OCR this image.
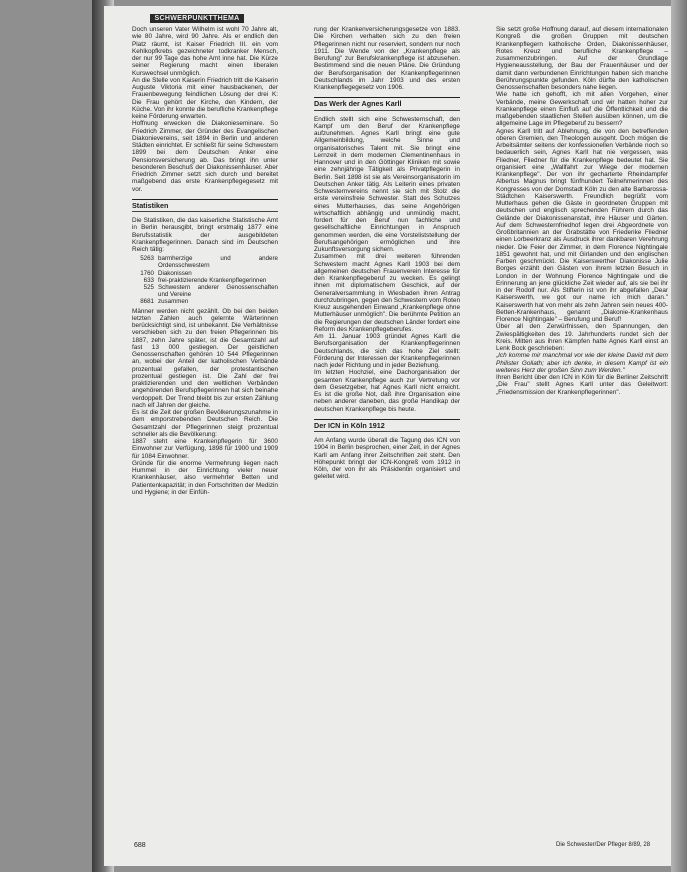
SCHWERPUNKTTHEMA

Doch unseren Vater Wilhelm ist wohl 70 Jahre alt, wie 80 Jahre, wird 90 Jahre. Als er endlich den Platz räumt, ist Kaiser Friedrich III. ein vom Kehlkopfkrebs gezeichneter todkranker Mensch, der nur 99 Tage das hohe Amt inne hat. Die Kürze seiner Regierung macht einen liberalen Kurswechsel unmöglich.

An die Stelle von Kaiserin Friedrich tritt die Kaiserin Auguste Viktoria mit einer hausbackenen, der Frauenbewegung feindlichen Lösung der drei K: Die Frau gehört der Kirche, den Kindern, der Küche. Von ihr konnte die berufliche Krankenpflege keine Förderung erwarten.

Hoffnung erwecken die Diakonieseminare. So Friedrich Zimmer, der Gründer des Evangelischen Diakonievereins, seit 1894 in Berlin und anderen Städten einrichtet. Er schließt für seine Schwestern 1899 bei dem Deutschen Anker eine Pensionsversicherung ab. Das bringt ihn unter besonderen Beschuß der Diakonissenhäuser. Aber Friedrich Zimmer setzt sich durch und bereitet maßgebend das erste Krankenpflegegesetz mit vor.

Statistiken

Die Statistiken, die das kaiserliche Statistische Amt in Berlin herausgibt, bringt erstmalig 1877 eine Berufsstatistik der ausgebildeten Krankenpflegerinnen. Danach sind im Deutschen Reich tätig:

5263 barmherzige und andere Ordensschwestern
1760 Diakonissen
633 frei-praktizierende Krankenpflegerinnen
525 Schwestern anderer Genossenschaften und Vereine
8681 zusammen

Männer werden nicht gezählt. Ob bei den beiden letzten Zahlen auch gelernte Wärterinnen berücksichtigt sind, ist unbekannt. Die Verhältnisse verschieben sich zu den freien Pflegerinnen bis 1887, zehn Jahre später, ist die Gesamtzahl auf fast 13 000 gestiegen. Der geistlichen Genossenschaften gehören 10 544 Pflegerinnen an, wobei der Anteil der katholischen Verbände prozentual gefallen, der protestantischen prozentual gestiegen ist. Die Zahl der frei praktizierenden und den weltlichen Verbänden angehörenden Berufspflegerinnen hat sich beinahe verdoppelt. Der Trend bleibt bis zur ersten Zählung nach elf Jahren der gleiche.

Es ist die Zeit der großen Bevölkerungszunahme in dem emporstrebenden Deutschen Reich. Die Gesamtzahl der Pflegerinnen steigt prozentual schneller als die Bevölkerung:

1887 steht eine Krankenpflegerin für 3600 Einwohner zur Verfügung, 1898 für 1900 und 1909 für 1084 Einwohner.

Gründe für die enorme Vermehrung liegen nach Hummel in der Einrichtung vieler neuer Krankenhäuser, also vermehrter Betten und Patientenkapazität; in den Fortschritten der Medizin und Hygiene; in der Einfüh-

rung der Krankenversicherungsgesetze von 1883. Die Kirchen verhalten sich zu den freien Pflegerinnen nicht nur reserviert, sondern nur noch 1911. Die Wende von der „Krankenpflege als Berufung" zur Berufskrankenpflege ist abzusehen. Bestimmend sind die neuen Pläne. Die Gründung der Berufsorganisation der Krankenpflegerinnen Deutschlands im Jahr 1903 und des ersten Krankenpflegegesetz von 1906.

Das Werk der Agnes Karll

Endlich stellt sich eine Schwesternschaft, den Kampf um den Beruf der Krankenpflege aufzunehmen. Agnes Karll bringt eine gute Allgemeinbildung, welche Sinne und organisatorisches Talent mit. Sie bringt eine Lernzeit in dem modernen Clementinenhaus in Hannover und in den Göttinger Kliniken mit sowie eine zehnjährige Tätigkeit als Privatpflegerin in Berlin. Seit 1898 ist sie als Vereinsorganisatorin im Deutschen Anker tätig. Als Leiterin eines privaten Schwesternvereins nennt sie sich mit Stolz die erste vereinsfreie Schwester. Statt des Schutzes eines Mutterhauses, das seine Angehörigen wirtschaftlich abhängig und unmündig macht, fordert für den Beruf nun fachliche und gesellschaftliche Einrichtungen in Anspruch genommen werden, die eine Vorsteliststellung der Berufsangehörigen ermöglichen und ihre Zukunftsversorgung sichern.

Zusammen mit drei weiteren führenden Schwestern macht Agnes Karll 1903 bei dem allgemeinen deutschen Frauenverein Interesse für den Krankenpflegeberuf zu wecken. Es gelingt ihnen mit diplomatischem Geschick, auf der Generalversammlung in Wiesbaden ihren Antrag durchzubringen, gegen den Schwestern vom Roten Kreuz ausgehenden Einwand „Krankenpflege ohne Mutterhäuser unmöglich". Die berühmte Petition an die Regierungen der deutschen Länder fordert eine Reform des Krankenpflegeberufes.

Am 11. Januar 1903 gründet Agnes Karll die Berufsorganisation der Krankenpflegerinnen Deutschlands, die sich das hohe Ziel stellt: Förderung der Interessen der Krankenpflegerinnen nach jeder Richtung und in jeder Beziehung.

Im letzten Hochziel, eine Dachorganisation der gesamten Krankenpflege auch zur Vertretung vor dem Gesetzgeber, hat Agnes Karll nicht erreicht. Es ist die große Not, daß ihre Organisation eine neben anderer daneben, das große Handikap der deutschen Krankenpflege bis heute.

Der ICN in Köln 1912

Am Anfang wurde überall die Tagung des ICN von 1904 in Berlin besprochen, einer Zeit, in der Agnes Karll am Anfang ihrer Zeitschriften zeit steht. Den Höhepunkt bringt der ICN-Kongreß vom 1912 in Köln, der von ihr als Präsidentin organisiert und geleitet wird.

Sie setzt große Hoffnung darauf, auf diesem internationalen Kongreß die großen Gruppen mit deutschen Krankenpflegern katholische Orden, Diakonissenhäuser, Rotes Kreuz und berufliche Krankenpflege – zusammenzubringen. Auf der Grundlage Hygieneausstellung, der Bau der Frauenhäuser und der damit dann verbundenen Einrichtungen haben sich manche Berührungspunkte gefunden. Köln dürfte den katholischen Genossenschaften besonders nahe liegen.

Wie hatte ich gehofft, ich mit allen Vorgehen, einer Verbände, meine Gewerkschaft und wir hatten hoher zur Krankenpflege einen Einfluß auf die Öffentlichkeit und die maßgebenden staatlichen Stellen ausüben können, um die allgemeine Lage im Pflegeberuf zu bessern?

Agnes Karll tritt auf Ablehnung, die von den betreffenden oberen Gremien, den Theologen ausgeht. Doch mögen die Arbeitsämter seitens der konfessionellen Verbände noch so bedauerlich sein, Agnes Karll hat nie vergessen, was Fliedner, Fliedner für die Krankenpflege bedeutet hat. Sie organisiert eine „Wallfahrt zur Wiege der modernen Krankenpflege". Der von ihr gecharterte Rheindampfer Albertus Magnus bringt fünfhundert Teilnehmerinnen des Kongresses von der Domstadt Köln zu den alte Barbarossa-Städtchen Kaiserswerth. Freundlich begrüßt vom Mutterhaus gehen die Gäste in geordneten Gruppen mit deutschen und englisch sprechenden Führern durch das Gelände der Diakonissenanstalt, ihre Häuser und Gärten. Auf dem Schwesternfriedhof legen drei Abgeordnete von Großbritannien an der Grabstätte von Friederike Fliedner einen Lorbeerkranz als Ausdruck ihrer dankbaren Verehrung nieder. Die Feier der Zimmer, in dem Florence Nightingale 1851 gewohnt hat, und mit Girlanden und den englischen Farben geschmückt. Die Kaiserswerther Diakonisse Julie Borges erzählt den Gästen von ihrem letzten Besuch in London in der Wohnung Florence Nightingale und die Erinnerung an jene glückliche Zeit wieder auf, als sie bei ihr in der Rodolf nur. Als Stifterin ist von ihr abgefallen „Dear Kaiserswerth, we got our name ich mich daran." Kaiserswerth hat von mehr als zehn Jahren sein neues 400-Betten-Krankenhaus, genannt „Diakonie-Krankenhaus Florence Nightingale" – Berufung und Beruf!

Über all den Zerwürfnissen, den Spannungen, den Zwiespältigkeiten des 19. Jahrhunderts rundet sich der Kreis. Mitten aus ihren Kämpfen hatte Agnes Karll einst an Lenk Bock geschrieben:

„Ich komme mir manchmal vor wie der kleine David mit dem Philister Goliath; aber ich denke, in diesem Kampf ist ein weiteres Herz der großen Sinn zum Werden."

Ihren Bericht über den ICN in Köln für die Berliner Zeitschrift „Die Frau" stellt Agnes Karll unter das Geleitwort: „Friedensmission der Krankenpflegerinnen".

688	Die Schwester/Der Pfleger 8/89, 28
